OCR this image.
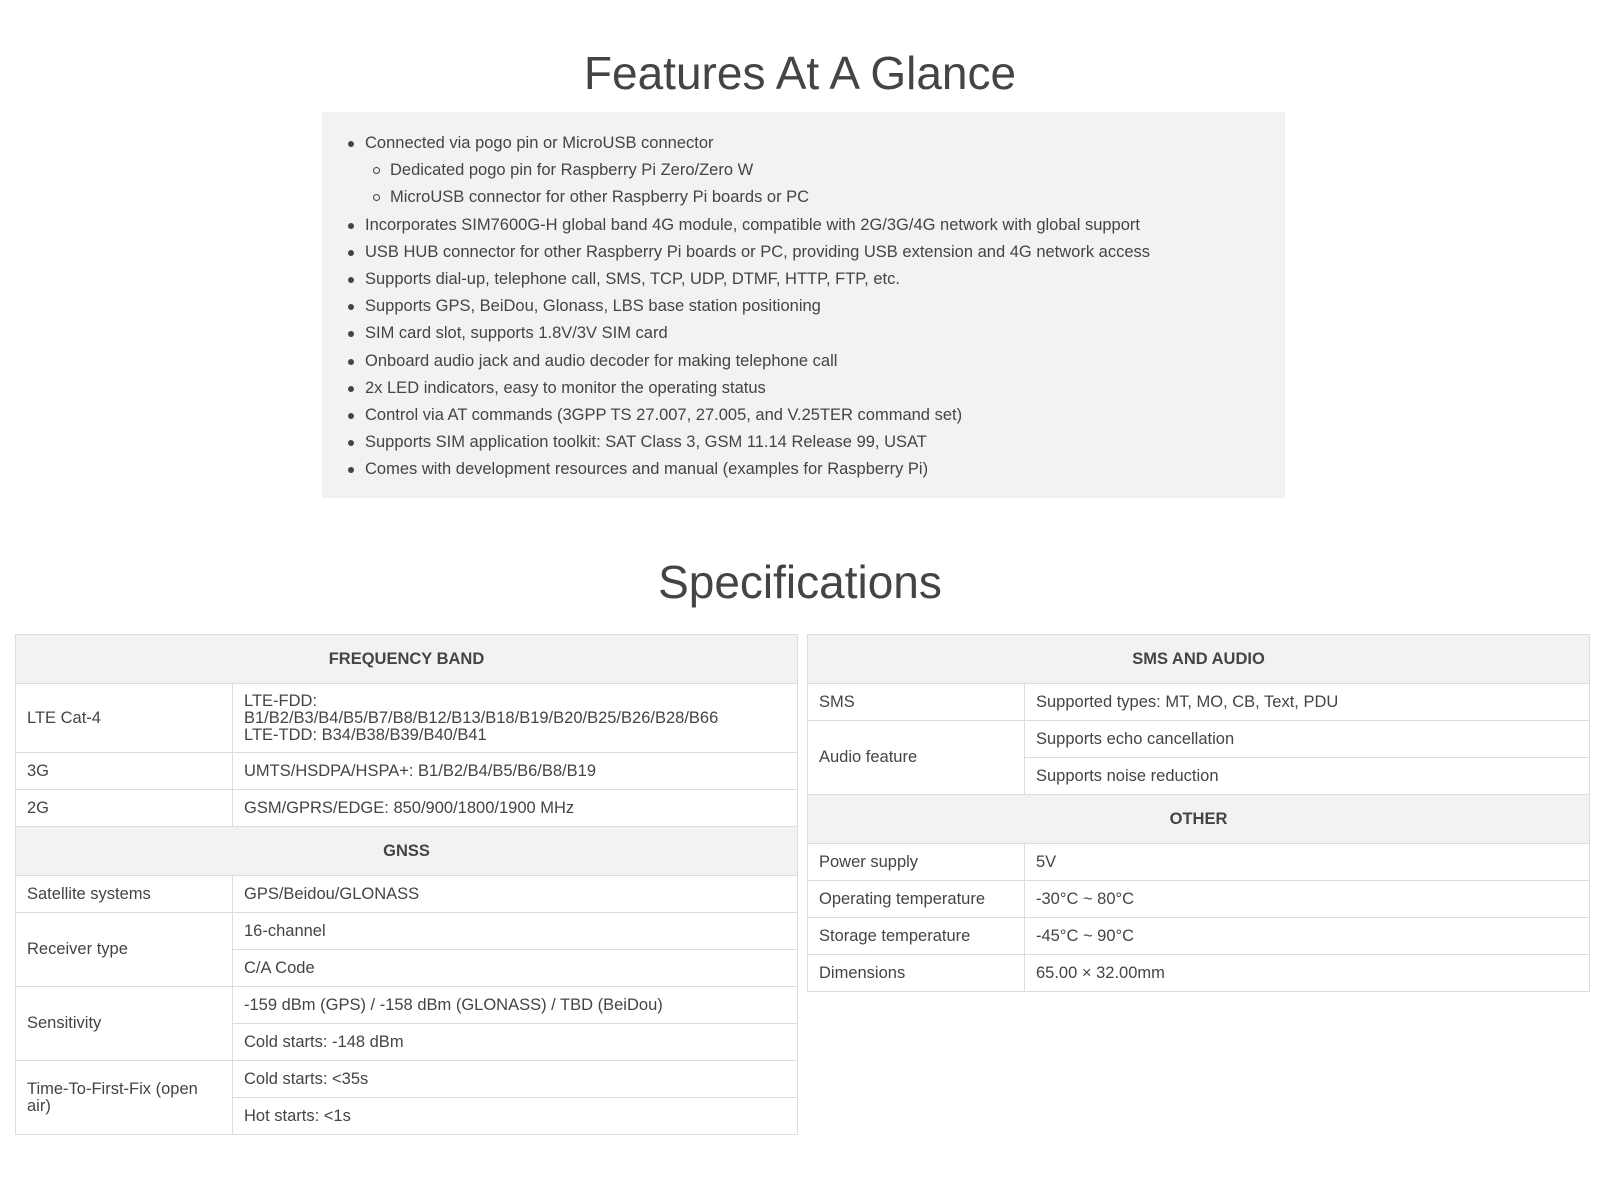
Features At A Glance
Connected via pogo pin or MicroUSB connector
Dedicated pogo pin for Raspberry Pi Zero/Zero W
MicroUSB connector for other Raspberry Pi boards or PC
Incorporates SIM7600G-H global band 4G module, compatible with 2G/3G/4G network with global support
USB HUB connector for other Raspberry Pi boards or PC, providing USB extension and 4G network access
Supports dial-up, telephone call, SMS, TCP, UDP, DTMF, HTTP, FTP, etc.
Supports GPS, BeiDou, Glonass, LBS base station positioning
SIM card slot, supports 1.8V/3V SIM card
Onboard audio jack and audio decoder for making telephone call
2x LED indicators, easy to monitor the operating status
Control via AT commands (3GPP TS 27.007, 27.005, and V.25TER command set)
Supports SIM application toolkit: SAT Class 3, GSM 11.14 Release 99, USAT
Comes with development resources and manual (examples for Raspberry Pi)
Specifications
FREQUENCY BAND	
LTE Cat-4	LTE-FDD:
B1/B2/B3/B4/B5/B7/B8/B12/B13/B18/B19/B20/B25/B26/B28/B66
LTE-TDD: B34/B38/B39/B40/B41

3G	UMTS/HSDPA/HSPA+: B1/B2/B4/B5/B6/B8/B19
2G	GSM/GPRS/EDGE: 850/900/1800/1900 MHz
GNSS	
Satellite systems	GPS/Beidou/GLONASS
Receiver type	16-channel
	C/A Code
Sensitivity	-159 dBm (GPS) / -158 dBm (GLONASS) / TBD (BeiDou)
	Cold starts: -148 dBm
Time-To-First-Fix (open air)	Cold starts: <35s
	Hot starts: <1s
SMS AND AUDIO	
SMS	Supported types: MT, MO, CB, Text, PDU
Audio feature	Supports echo cancellation
	Supports noise reduction
OTHER	
Power supply	5V
Operating temperature	-30°C ~ 80°C
Storage temperature	-45°C ~ 90°C
Dimensions	65.00 × 32.00mm
